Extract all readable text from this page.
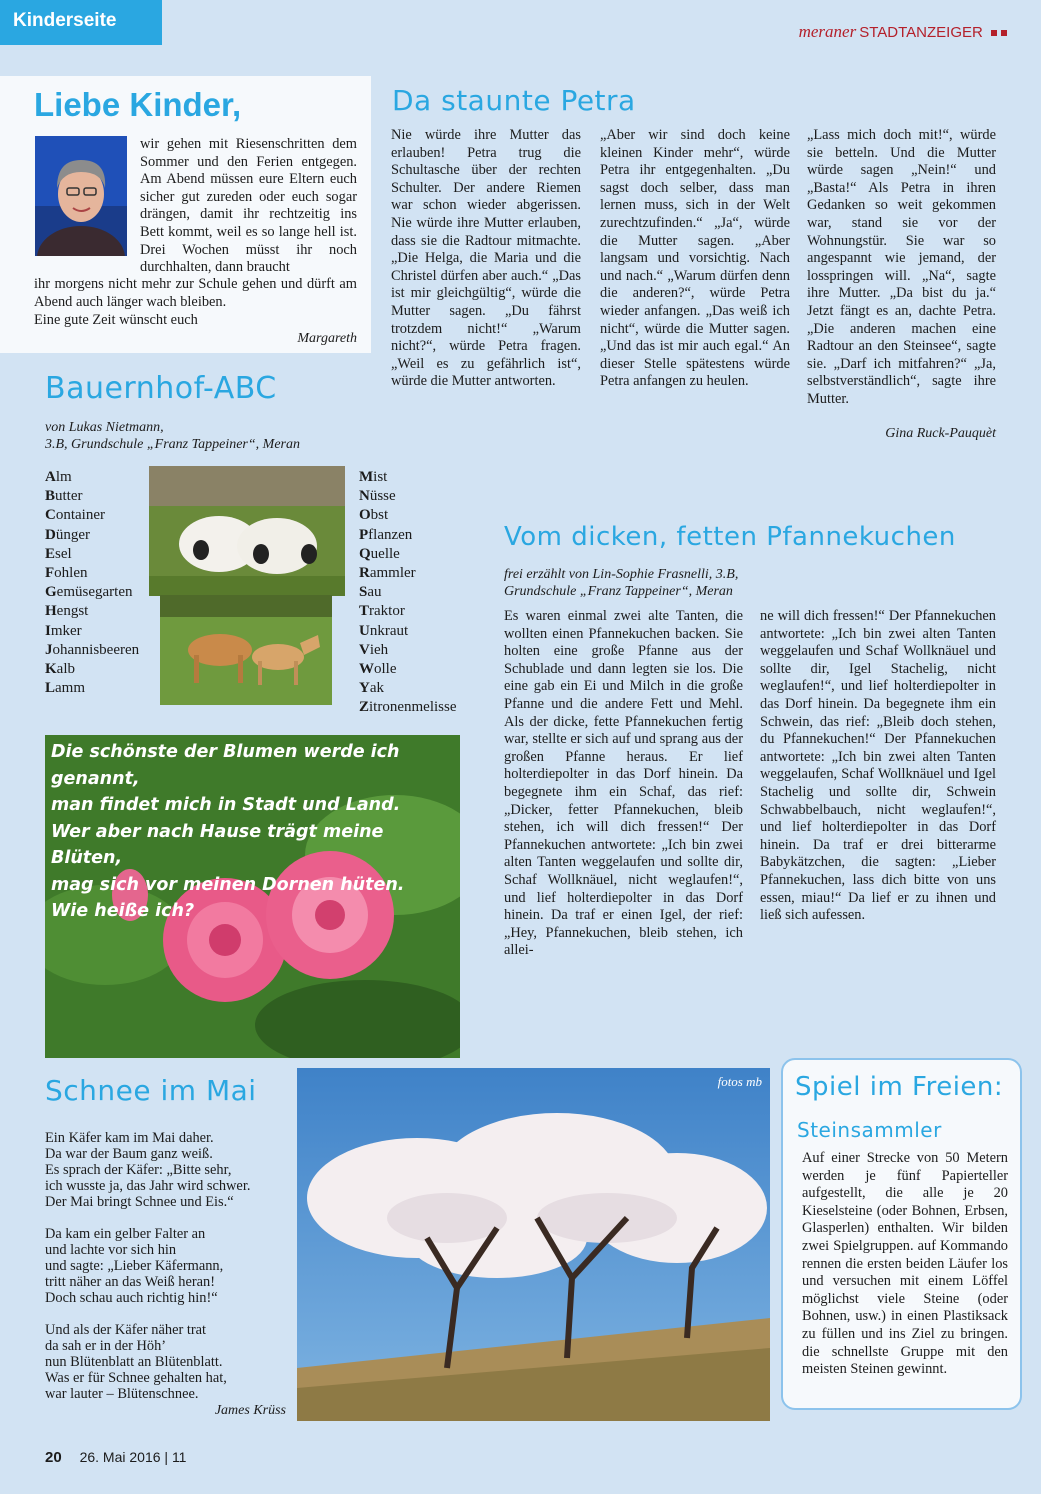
Kinderseite
meraner STADTANZEIGER
Liebe Kinder,
wir gehen mit Riesenschritten dem Sommer und den Ferien entgegen. Am Abend müssen eure Eltern euch sicher gut zureden oder euch sogar drängen, damit ihr rechtzeitig ins Bett kommt, weil es so lange hell ist. Drei Wochen müsst ihr noch durchhalten, dann braucht
ihr morgens nicht mehr zur Schule gehen und dürft am Abend auch länger wach bleiben.
Eine gute Zeit wünscht euch
Margareth
Da staunte Petra
Nie würde ihre Mutter das erlauben! Petra trug die Schultasche über der rechten Schulter. Der andere Riemen war schon wieder abgerissen. Nie würde ihre Mutter erlauben, dass sie die Radtour mitmachte. „Die Helga, die Maria und die Christel dürfen aber auch.“ „Das ist mir gleichgültig“, würde die Mutter sagen. „Du fährst trotzdem nicht!“ „Warum nicht?“, würde Petra fragen. „Weil es zu gefährlich ist“, würde die Mutter antworten.
„Aber wir sind doch keine kleinen Kinder mehr“, würde Petra ihr entgegenhalten. „Du sagst doch selber, dass man lernen muss, sich in der Welt zurechtzufinden.“ „Ja“, würde die Mutter sagen. „Aber langsam und vorsichtig. Nach und nach.“ „Warum dürfen denn die anderen?“, würde Petra wieder anfangen. „Das weiß ich nicht“, würde die Mutter sagen. „Und das ist mir auch egal.“ An dieser Stelle spätestens würde Petra anfangen zu heulen.
„Lass mich doch mit!“, würde sie betteln. Und die Mutter würde sagen „Nein!“ und „Basta!“ Als Petra in ihren Gedanken so weit gekommen war, stand sie vor der Wohnungstür. Sie war so angespannt wie jemand, der losspringen will. „Na“, sagte ihre Mutter. „Da bist du ja.“ Jetzt fängt es an, dachte Petra. „Die anderen machen eine Radtour an den Steinsee“, sagte sie. „Darf ich mitfahren?“ „Ja, selbstverständlich“, sagte ihre Mutter.
Gina Ruck-Pauquèt
Bauernhof-ABC
von Lukas Nietmann,
3.B, Grundschule „Franz Tappeiner“, Meran
Alm
Butter
Container
Dünger
Esel
Fohlen
Gemüsegarten
Hengst
Imker
Johannisbeeren
Kalb
Lamm
Mist
Nüsse
Obst
Pflanzen
Quelle
Rammler
Sau
Traktor
Unkraut
Vieh
Wolle
Yak
Zitronenmelisse
Die schönste der Blumen werde ich genannt,
man findet mich in Stadt und Land.
Wer aber nach Hause trägt meine Blüten,
mag sich vor meinen Dornen hüten.
Wie heiße ich?
Vom dicken, fetten Pfannekuchen
frei erzählt von Lin-Sophie Frasnelli, 3.B,
Grundschule „Franz Tappeiner“, Meran
Es waren einmal zwei alte Tanten, die wollten einen Pfannekuchen backen. Sie holten eine große Pfanne aus der Schublade und dann legten sie los. Die eine gab ein Ei und Milch in die große Pfanne und die andere Fett und Mehl. Als der dicke, fette Pfannekuchen fertig war, stellte er sich auf und sprang aus der großen Pfanne heraus. Er lief holterdiepolter in das Dorf hinein. Da begegnete ihm ein Schaf, das rief: „Dicker, fetter Pfannekuchen, bleib stehen, ich will dich fressen!“ Der Pfannekuchen antwortete: „Ich bin zwei alten Tanten weggelaufen und sollte dir, Schaf Wollknäuel, nicht weglaufen!“, und lief holterdiepolter in das Dorf hinein. Da traf er einen Igel, der rief: „Hey, Pfannekuchen, bleib stehen, ich allei-
ne will dich fressen!“ Der Pfannekuchen antwortete: „Ich bin zwei alten Tanten weggelaufen und Schaf Wollknäuel und sollte dir, Igel Stachelig, nicht weglaufen!“, und lief holterdiepolter in das Dorf hinein. Da begegnete ihm ein Schwein, das rief: „Bleib doch stehen, du Pfannekuchen!“ Der Pfannekuchen antwortete: „Ich bin zwei alten Tanten weggelaufen, Schaf Wollknäuel und Igel Stachelig und sollte dir, Schwein Schwabbelbauch, nicht weglaufen!“, und lief holterdiepolter in das Dorf hinein. Da traf er drei bitterarme Babykätzchen, die sagten: „Lieber Pfannekuchen, lass dich bitte von uns essen, miau!“ Da lief er zu ihnen und ließ sich aufessen.
Schnee im Mai
Ein Käfer kam im Mai daher.
Da war der Baum ganz weiß.
Es sprach der Käfer: „Bitte sehr,
ich wusste ja, das Jahr wird schwer.
Der Mai bringt Schnee und Eis.“
Da kam ein gelber Falter an
und lachte vor sich hin
und sagte: „Lieber Käfermann,
tritt näher an das Weiß heran!
Doch schau auch richtig hin!“
Und als der Käfer näher trat
da sah er in der Höh’
nun Blütenblatt an Blütenblatt.
Was er für Schnee gehalten hat,
war lauter – Blütenschnee.
James Krüss
fotos mb Spiel im Freien:
Steinsammler
Auf einer Strecke von 50 Metern werden je fünf Papierteller aufgestellt, die alle je 20 Kieselsteine (oder Bohnen, Erbsen, Glasperlen) enthalten. Wir bilden zwei Spielgruppen. auf Kommando rennen die ersten beiden Läufer los und versuchen mit einem Löffel möglichst viele Steine (oder Bohnen, usw.) in einen Plastiksack zu füllen und ins Ziel zu bringen. die schnellste Gruppe mit den meisten Steinen gewinnt.
20 26. Mai 2016 | 11
